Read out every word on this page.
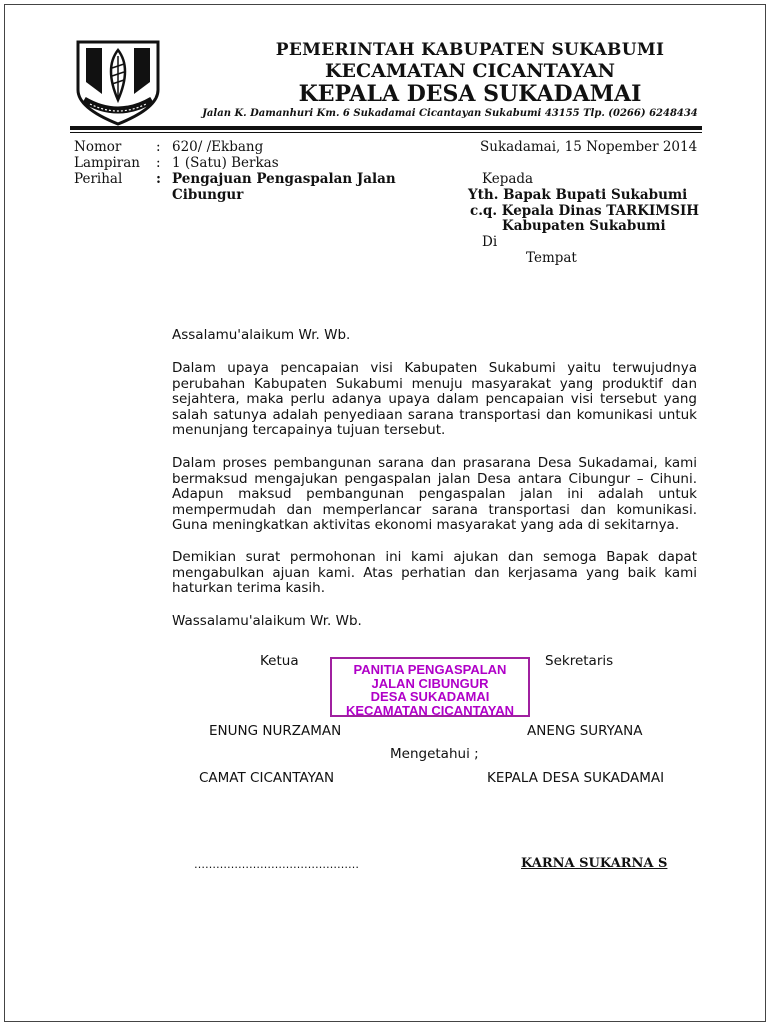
PEMERINTAH KABUPATEN SUKABUMI
KECAMATAN CICANTAYAN
KEPALA DESA SUKADAMAI
Jalan K. Damanhuri Km. 6 Sukadamai Cicantayan Sukabumi 43155 Tlp. (0266) 6248434
Nomor	: 620/ /Ekbang
Lampiran : 1 (Satu) Berkas
Perihal : Pengajuan Pengaspalan Jalan
Cibungur
Sukadamai, 15 Nopember 2014
Kepada
Yth. Bapak Bupati Sukabumi
c.q. Kepala Dinas TARKIMSIH
Kabupaten Sukabumi
Di
Tempat
Assalamu'alaikum Wr. Wb.
Dalam upaya pencapaian visi Kabupaten Sukabumi yaitu terwujudnya perubahan Kabupaten Sukabumi menuju masyarakat yang produktif dan sejahtera, maka perlu adanya upaya dalam pencapaian visi tersebut yang salah satunya adalah penyediaan sarana transportasi dan komunikasi untuk menunjang tercapainya tujuan tersebut.
Dalam proses pembangunan sarana dan prasarana Desa Sukadamai, kami bermaksud mengajukan pengaspalan jalan Desa antara Cibungur – Cihuni. Adapun maksud pembangunan pengaspalan jalan ini adalah untuk mempermudah dan memperlancar sarana transportasi dan komunikasi. Guna meningkatkan aktivitas ekonomi masyarakat yang ada di sekitarnya.
Demikian surat permohonan ini kami ajukan dan semoga Bapak dapat mengabulkan ajuan kami. Atas perhatian dan kerjasama yang baik kami haturkan terima kasih.
Wassalamu'alaikum Wr. Wb.
Ketua	Sekretaris
PANITIA PENGASPALAN
JALAN CIBUNGUR
DESA SUKADAMAI
KECAMATAN CICANTAYAN
ENUNG NURZAMAN	ANENG SURYANA
Mengetahui ;
CAMAT CICANTAYAN	KEPALA DESA SUKADAMAI
………………………………………	KARNA SUKARNA S
